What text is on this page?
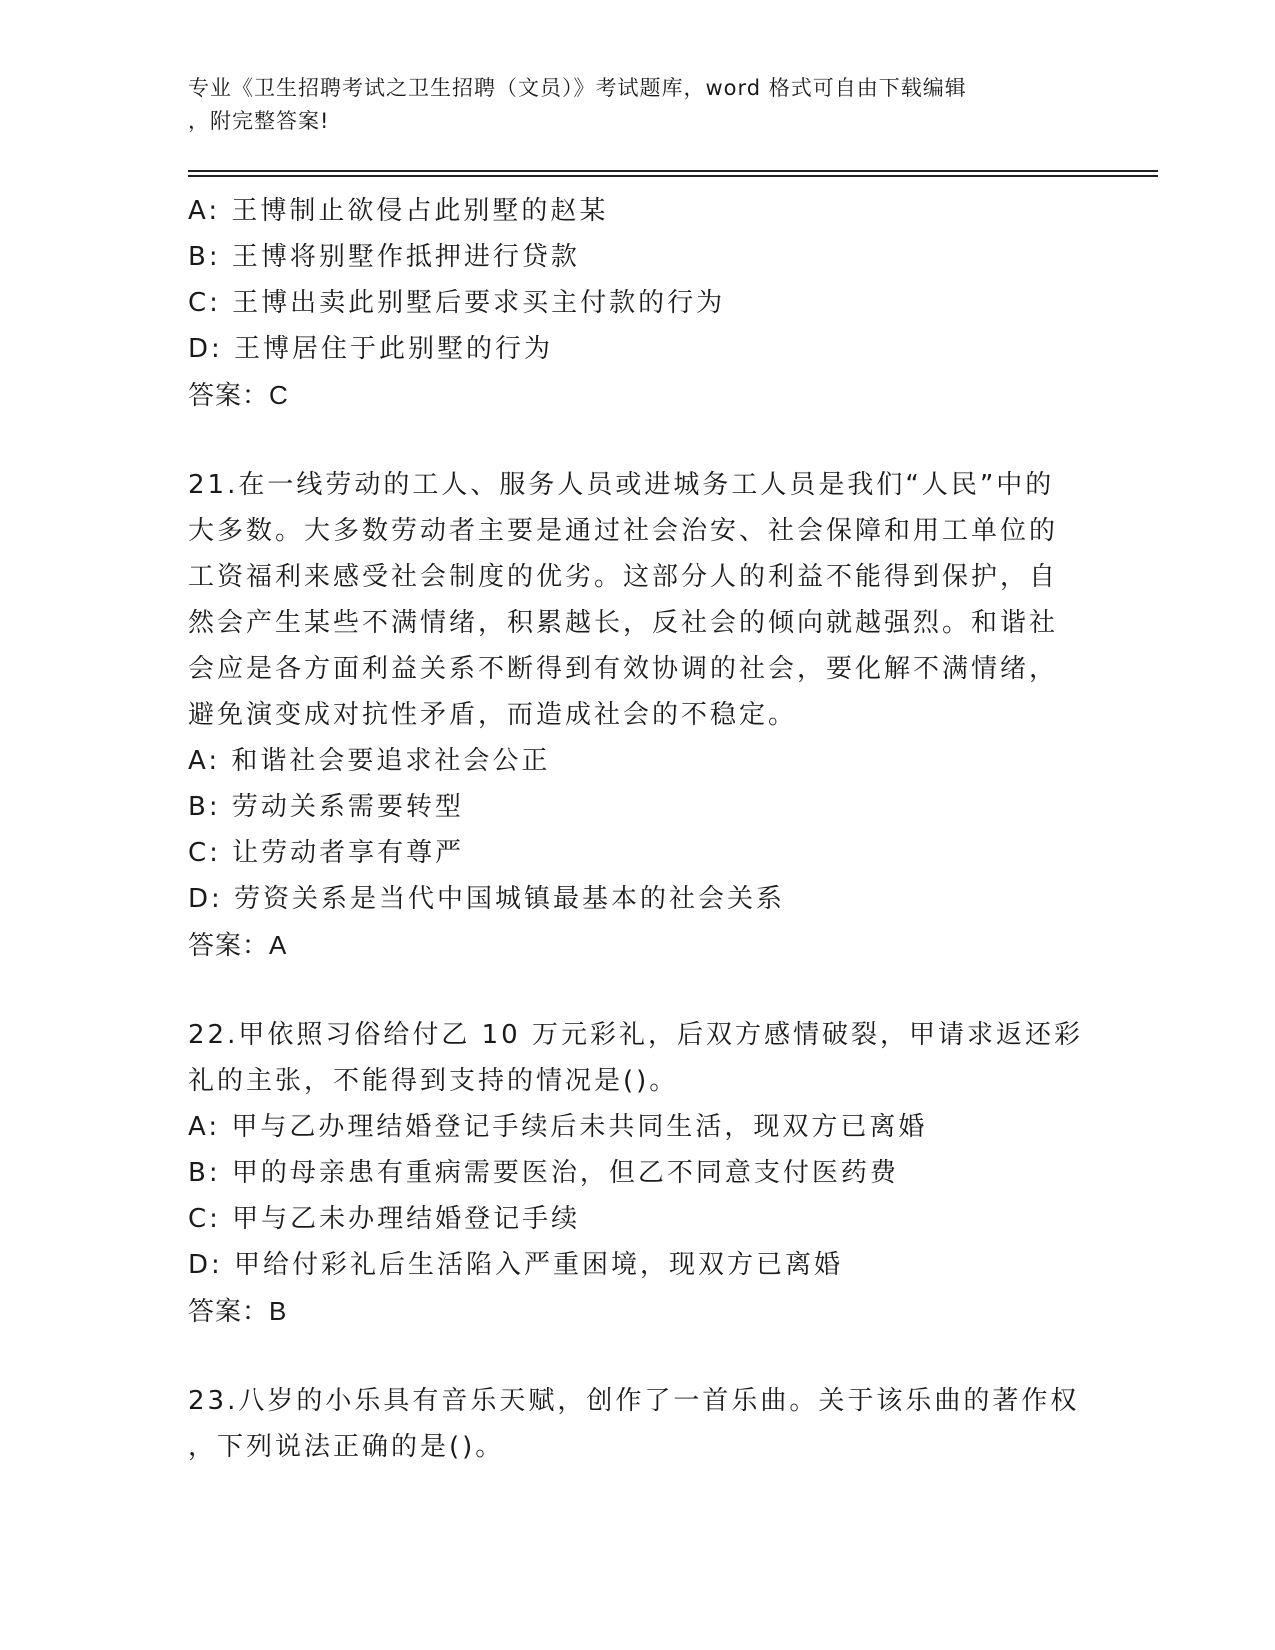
专业《卫生招聘考试之卫生招聘（文员）》考试题库，word 格式可自由下载编辑
，附完整答案!
A: 王博制止欲侵占此别墅的赵某
B: 王博将别墅作抵押进行贷款
C: 王博出卖此别墅后要求买主付款的行为
D: 王博居住于此别墅的行为
答案：C
21.在一线劳动的工人、服务人员或进城务工人员是我们“人民”中的
大多数。大多数劳动者主要是通过社会治安、社会保障和用工单位的
工资福利来感受社会制度的优劣。这部分人的利益不能得到保护，自
然会产生某些不满情绪，积累越长，反社会的倾向就越强烈。和谐社
会应是各方面利益关系不断得到有效协调的社会，要化解不满情绪，
避免演变成对抗性矛盾，而造成社会的不稳定。
A: 和谐社会要追求社会公正
B: 劳动关系需要转型
C: 让劳动者享有尊严
D: 劳资关系是当代中国城镇最基本的社会关系
答案：A
22.甲依照习俗给付乙 10 万元彩礼，后双方感情破裂，甲请求返还彩
礼的主张，不能得到支持的情况是()。
A: 甲与乙办理结婚登记手续后未共同生活，现双方已离婚
B: 甲的母亲患有重病需要医治，但乙不同意支付医药费
C: 甲与乙未办理结婚登记手续
D: 甲给付彩礼后生活陷入严重困境，现双方已离婚
答案：B
23.八岁的小乐具有音乐天赋，创作了一首乐曲。关于该乐曲的著作权
，下列说法正确的是()。
